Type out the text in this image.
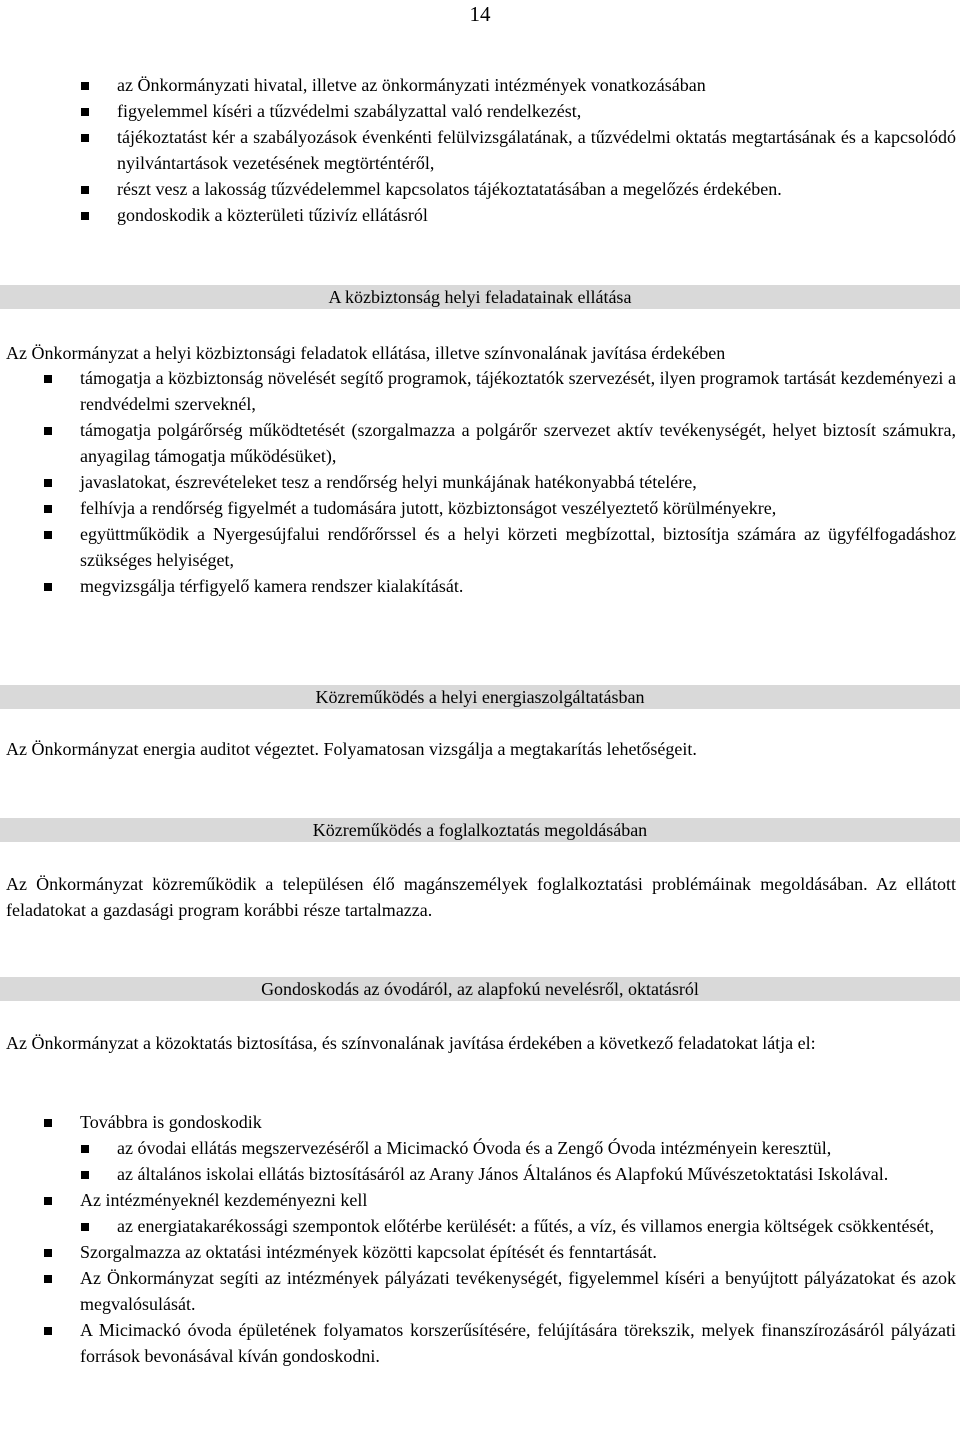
14
az Önkormányzati hivatal, illetve az önkormányzati intézmények vonatkozásában
figyelemmel kíséri a tűzvédelmi szabályzattal való rendelkezést,
tájékoztatást kér a szabályozások évenkénti felülvizsgálatának, a tűzvédelmi oktatás megtartásának és a kapcsolódó nyilvántartások vezetésének megtörténtéről,
részt vesz a lakosság tűzvédelemmel kapcsolatos tájékoztatatásában a megelőzés érdekében.
gondoskodik a közterületi tűzivíz ellátásról
A közbiztonság helyi feladatainak ellátása
Az Önkormányzat a helyi közbiztonsági feladatok ellátása, illetve színvonalának javítása érdekében
támogatja a közbiztonság növelését segítő programok, tájékoztatók szervezését, ilyen programok tartását kezdeményezi a rendvédelmi szerveknél,
támogatja polgárőrség működtetését (szorgalmazza a polgárőr szervezet aktív tevékenységét, helyet biztosít számukra, anyagilag támogatja működésüket),
javaslatokat, észrevételeket tesz a rendőrség helyi munkájának hatékonyabbá tételére,
felhívja a rendőrség figyelmét a tudomására jutott, közbiztonságot veszélyeztető körülményekre,
együttműködik a Nyergesújfalui rendőrőrssel és a helyi körzeti megbízottal, biztosítja számára az ügyfélfogadáshoz szükséges helyiséget,
megvizsgálja térfigyelő kamera rendszer kialakítását.
Közreműködés a helyi energiaszolgáltatásban
Az Önkormányzat energia auditot végeztet. Folyamatosan vizsgálja a megtakarítás lehetőségeit.
Közreműködés a foglalkoztatás megoldásában
Az Önkormányzat közreműködik a településen élő magánszemélyek foglalkoztatási problémáinak megoldásában. Az ellátott feladatokat a gazdasági program korábbi része tartalmazza.
Gondoskodás az óvodáról, az alapfokú nevelésről, oktatásról
Az Önkormányzat a közoktatás biztosítása, és színvonalának javítása érdekében a következő feladatokat látja el:
Továbbra is gondoskodik
az óvodai ellátás megszervezéséről a Micimackó Óvoda és a Zengő Óvoda intézményein keresztül,
az általános iskolai ellátás biztosításáról az Arany János Általános és Alapfokú Művészetoktatási Iskolával.
Az intézményeknél kezdeményezni kell
az energiatakarékossági szempontok előtérbe kerülését: a fűtés, a víz, és villamos energia költségek csökkentését,
Szorgalmazza az oktatási intézmények közötti kapcsolat építését és fenntartását.
Az Önkormányzat segíti az intézmények pályázati tevékenységét, figyelemmel kíséri a benyújtott pályázatokat és azok megvalósulását.
A Micimackó óvoda épületének folyamatos korszerűsítésére, felújítására törekszik, melyek finanszírozásáról pályázati források bevonásával kíván gondoskodni.
